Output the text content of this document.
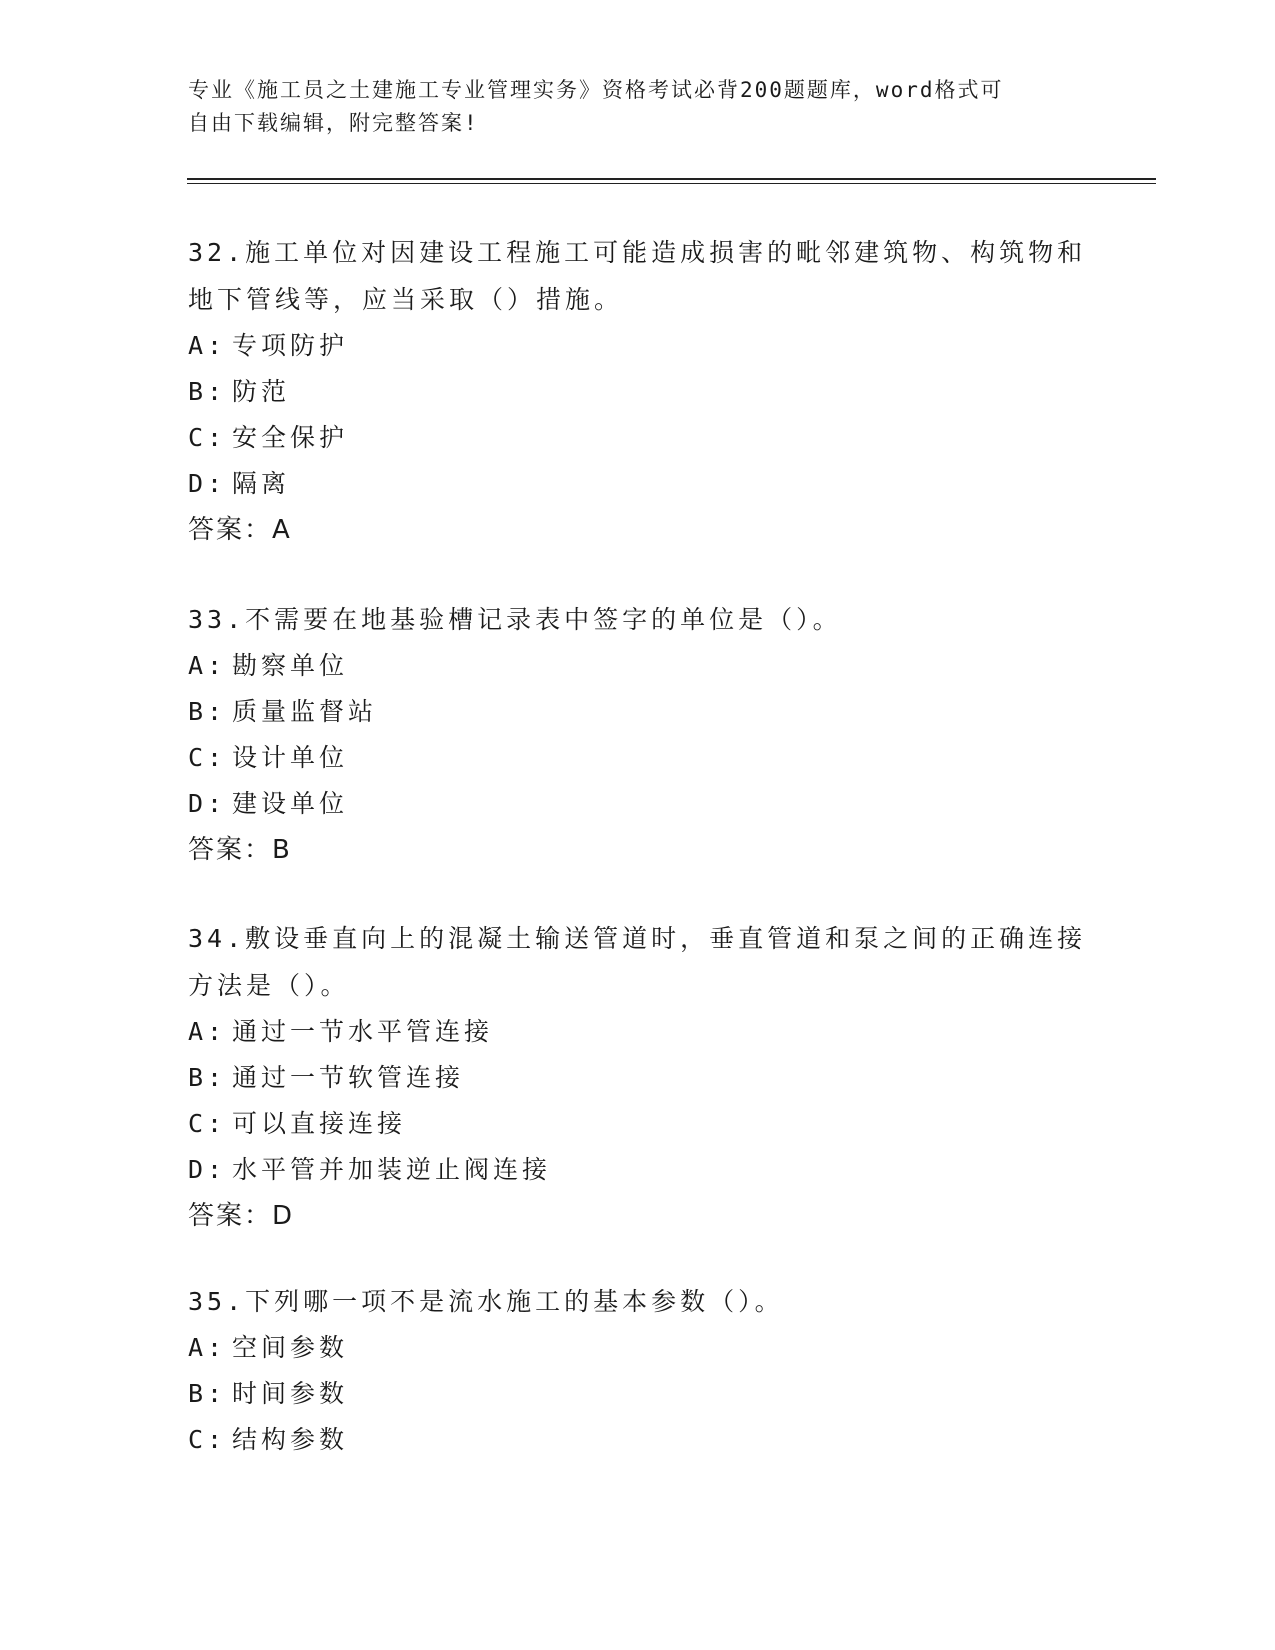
专业《施工员之土建施工专业管理实务》资格考试必背200题题库，word格式可
自由下载编辑，附完整答案!
32.施工单位对因建设工程施工可能造成损害的毗邻建筑物、构筑物和地下管线等，应当采取（）措施。
A: 专项防护
B: 防范
C: 安全保护
D: 隔离
答案：A
33.不需要在地基验槽记录表中签字的单位是（）。
A: 勘察单位
B: 质量监督站
C: 设计单位
D: 建设单位
答案：B
34.敷设垂直向上的混凝土输送管道时，垂直管道和泵之间的正确连接方法是（）。
A: 通过一节水平管连接
B: 通过一节软管连接
C: 可以直接连接
D: 水平管并加装逆止阀连接
答案：D
35.下列哪一项不是流水施工的基本参数（）。
A: 空间参数
B: 时间参数
C: 结构参数
